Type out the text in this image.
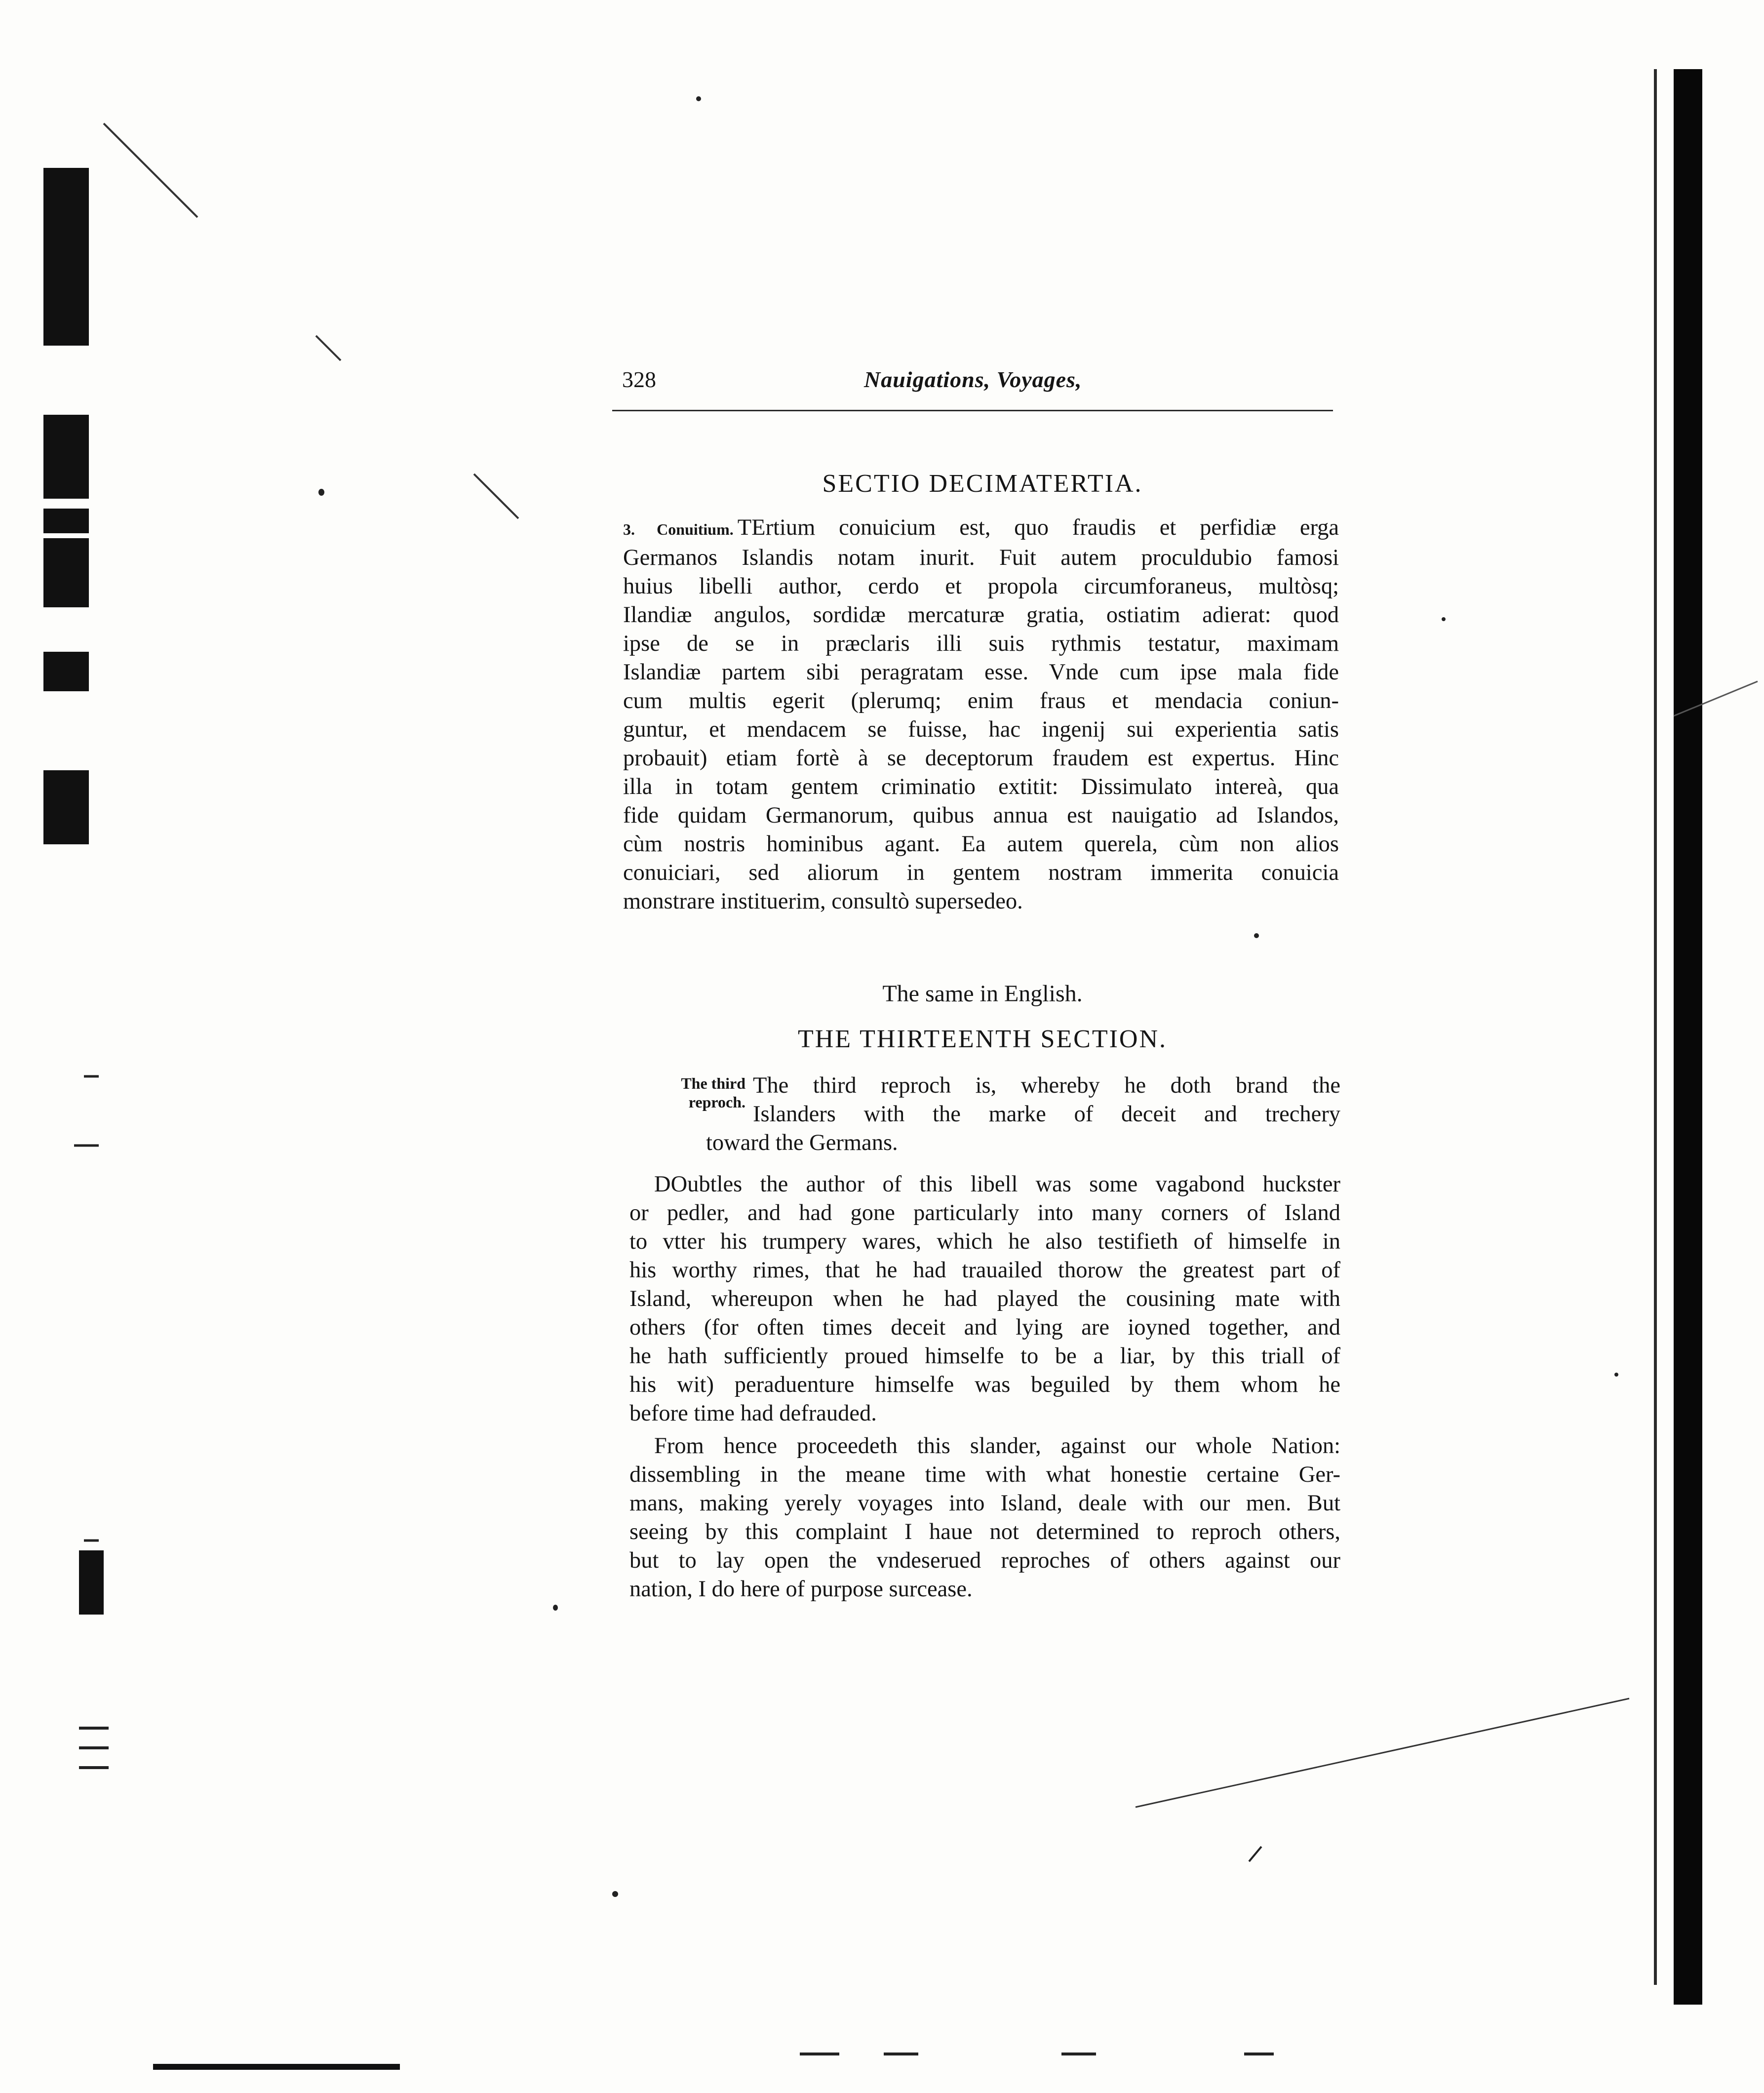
328	Nauigations, Voyages,
SECTIO DECIMATERTIA.
3. Conuitium. TErtium conuicium est, quo fraudis et perfidiæ erga
Germanos Islandis notam inurit. Fuit autem proculdubio famosi
huius libelli author, cerdo et propola circumforaneus, multòsq;
Ilandiæ angulos, sordidæ mercaturæ gratia, ostiatim adierat: quod
ipse de se in præclaris illi suis rythmis testatur, maximam
Islandiæ partem sibi peragratam esse. Vnde cum ipse mala fide
cum multis egerit (plerumq; enim fraus et mendacia coniun-
guntur, et mendacem se fuisse, hac ingenij sui experientia satis
probauit) etiam fortè à se deceptorum fraudem est expertus. Hinc
illa in totam gentem criminatio extitit: Dissimulato intereà, qua
fide quidam Germanorum, quibus annua est nauigatio ad Islandos,
cùm nostris hominibus agant. Ea autem querela, cùm non alios
conuiciari, sed aliorum in gentem nostram immerita conuicia
monstrare instituerim, consultò supersedeo.
The same in English.
THE THIRTEENTH SECTION.
The third
reproch.
The third reproch is, whereby he doth brand the
Islanders with the marke of deceit and trechery
toward the Germans.
DOubtles the author of this libell was some vagabond huckster
or pedler, and had gone particularly into many corners of Island
to vtter his trumpery wares, which he also testifieth of himselfe in
his worthy rimes, that he had trauailed thorow the greatest part of
Island, whereupon when he had played the cousining mate with
others (for often times deceit and lying are ioyned together, and
he hath sufficiently proued himselfe to be a liar, by this triall of
his wit) peraduenture himselfe was beguiled by them whom he
before time had defrauded.
From hence proceedeth this slander, against our whole Nation:
dissembling in the meane time with what honestie certaine Ger-
mans, making yerely voyages into Island, deale with our men. But
seeing by this complaint I haue not determined to reproch others,
but to lay open the vndeserued reproches of others against our
nation, I do here of purpose surcease.
